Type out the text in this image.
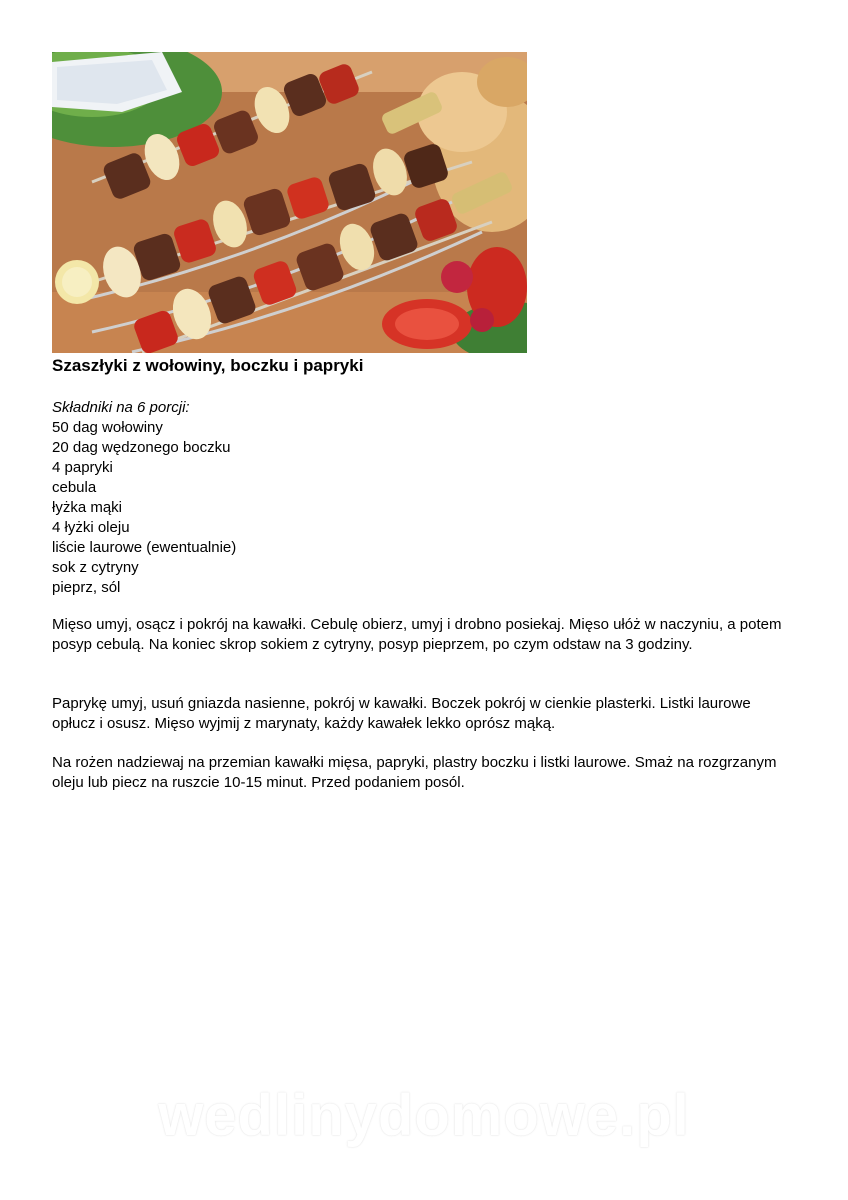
Szaszłyki z wołowiny, boczku i papryki
Składniki na 6 porcji:
50 dag wołowiny
20 dag wędzonego boczku
4 papryki
cebula
łyżka mąki
4 łyżki oleju
liście laurowe (ewentualnie)
sok z cytryny
pieprz, sól

Mięso umyj, osącz i pokrój na kawałki. Cebulę obierz, umyj i drobno posiekaj. Mięso ułóż w naczyniu, a potem posyp cebulą. Na koniec skrop sokiem z cytryny, posyp pieprzem, po czym odstaw na 3 godziny.

Paprykę umyj, usuń gniazda nasienne, pokrój w kawałki. Boczek pokrój w cienkie plasterki. Listki laurowe opłucz i osusz. Mięso wyjmij z marynaty, każdy kawałek lekko oprósz mąką.

Na rożen nadziewaj na przemian kawałki mięsa, papryki, plastry boczku i listki laurowe. Smaż na rozgrzanym oleju lub piecz na ruszcie 10-15 minut. Przed podaniem posól.

wedlinydomowe.pl
